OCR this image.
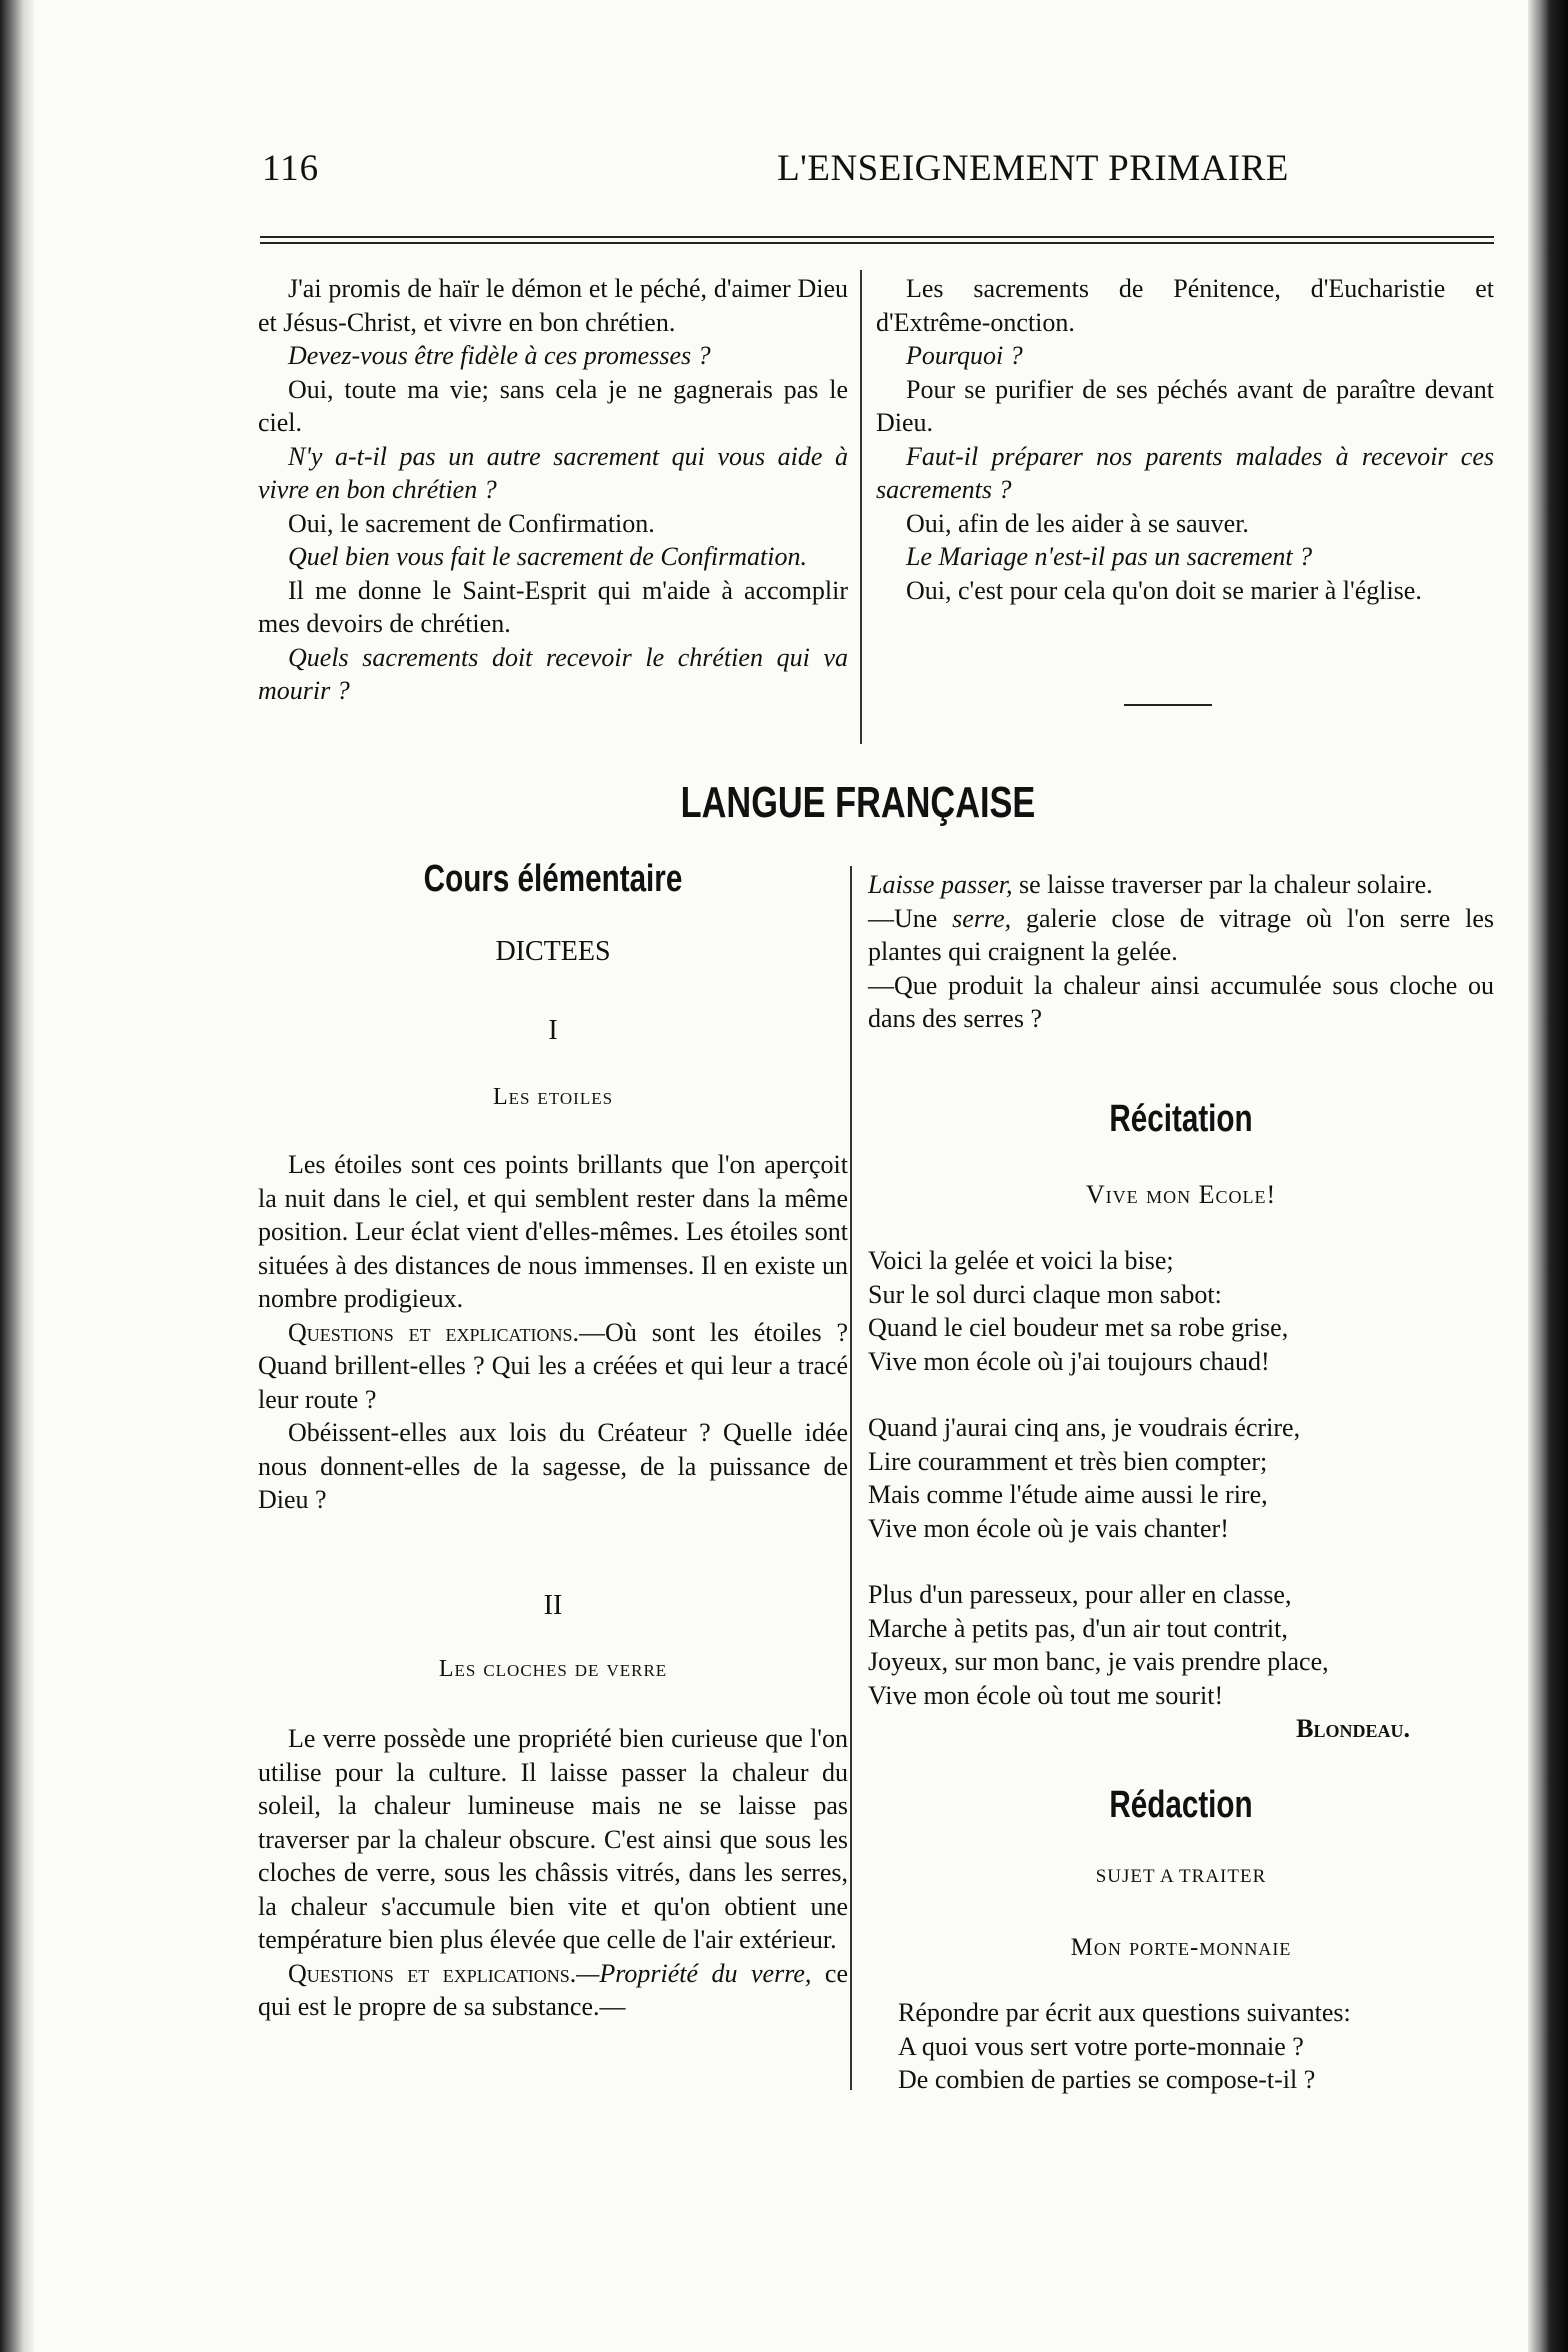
116	L'ENSEIGNEMENT PRIMAIRE

J'ai promis de haïr le démon et le péché, d'aimer Dieu et Jésus-Christ, et vivre en bon chrétien.

Devez-vous être fidèle à ces promesses ?

Oui, toute ma vie; sans cela je ne gagnerais pas le ciel.

N'y a-t-il pas un autre sacrement qui vous aide à vivre en bon chrétien ?

Oui, le sacrement de Confirmation.

Quel bien vous fait le sacrement de Confirmation.

Il me donne le Saint-Esprit qui m'aide à accomplir mes devoirs de chrétien.

Quels sacrements doit recevoir le chrétien qui va mourir ?

Les sacrements de Pénitence, d'Eucharistie et d'Extrême-onction.

Pourquoi ?

Pour se purifier de ses péchés avant de paraître devant Dieu.

Faut-il préparer nos parents malades à recevoir ces sacrements ?

Oui, afin de les aider à se sauver.

Le Mariage n'est-il pas un sacrement ?

Oui, c'est pour cela qu'on doit se marier à l'église.

LANGUE FRANÇAISE
Cours élémentaire
DICTEES
I
Les etoiles

Les étoiles sont ces points brillants que l'on aperçoit la nuit dans le ciel, et qui semblent rester dans la même position. Leur éclat vient d'elles-mêmes. Les étoiles sont situées à des distances de nous immenses. Il en existe un nombre prodigieux.

Questions et explications.—Où sont les étoiles ? Quand brillent-elles ? Qui les a créées et qui leur a tracé leur route ?

Obéissent-elles aux lois du Créateur ? Quelle idée nous donnent-elles de la sagesse, de la puissance de Dieu ?

II
Les cloches de verre

Le verre possède une propriété bien curieuse que l'on utilise pour la culture. Il laisse passer la chaleur du soleil, la chaleur lumineuse mais ne se laisse pas traverser par la chaleur obscure. C'est ainsi que sous les cloches de verre, sous les châssis vitrés, dans les serres, la chaleur s'accumule bien vite et qu'on obtient une température bien plus élevée que celle de l'air extérieur.

Questions et explications.—Propriété du verre, ce qui est le propre de sa substance.—

Laisse passer, se laisse traverser par la chaleur solaire.

—Une serre, galerie close de vitrage où l'on serre les plantes qui craignent la gelée.

—Que produit la chaleur ainsi accumulée sous cloche ou dans des serres ?

Récitation
Vive mon Ecole!

Voici la gelée et voici la bise;

Sur le sol durci claque mon sabot:

Quand le ciel boudeur met sa robe grise,

Vive mon école où j'ai toujours chaud!

Quand j'aurai cinq ans, je voudrais écrire,

Lire couramment et très bien compter;

Mais comme l'étude aime aussi le rire,

Vive mon école où je vais chanter!

Plus d'un paresseux, pour aller en classe,

Marche à petits pas, d'un air tout contrit,

Joyeux, sur mon banc, je vais prendre place,

Vive mon école où tout me sourit!

Blondeau.

Rédaction
SUJET A TRAITER
Mon porte-monnaie

Répondre par écrit aux questions suivantes:

A quoi vous sert votre porte-monnaie ?

De combien de parties se compose-t-il ?
